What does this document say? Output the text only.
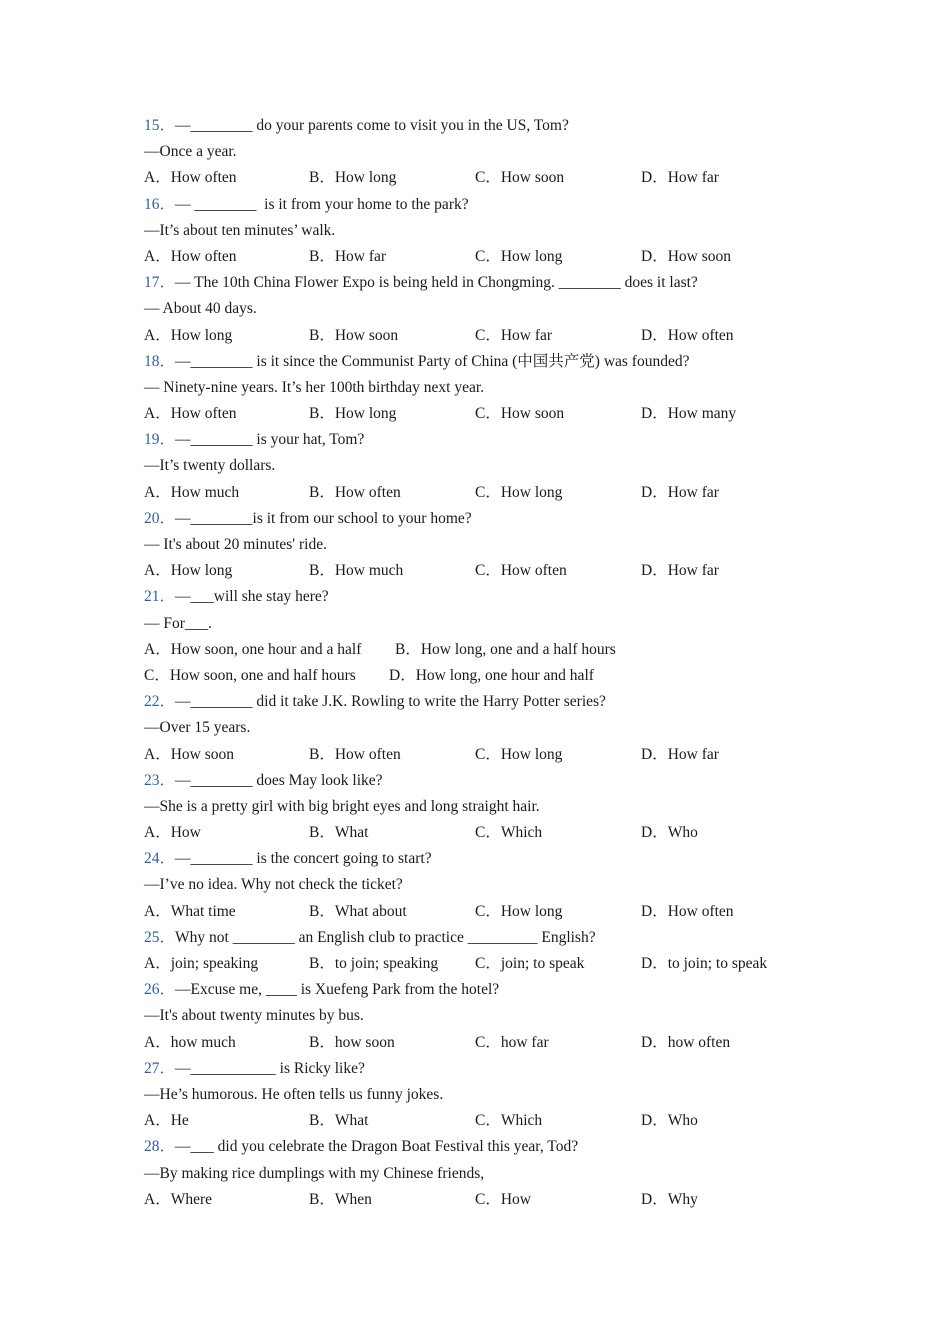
15．—________ do your parents come to visit you in the US, Tom?
—Once a year.

A．How often

	B．How long

	C．How soon

	D．How far

16．— ________  is it from your home to the park?
—It’s about ten minutes’ walk.

A．How often

	B．How far

	C．How long

	D．How soon

17．— The 10th China Flower Expo is being held in Chongming. ________ does it last?
— About 40 days.

A．How long

	B．How soon

	C．How far

	D．How often

18．—________ is it since the Communist Party of China (中国共产党) was founded?
— Ninety-nine years. It’s her 100th birthday next year.

A．How often

	B．How long

	C．How soon

	D．How many

19．—________ is your hat, Tom?
—It’s twenty dollars.

A．How much

	B．How often

	C．How long

	D．How far

20．—________is it from our school to your home?
— It's about 20 minutes' ride.

A．How long

	B．How much

	C．How often

	D．How far

21．—___will she stay here?
— For___.

A．How soon, one hour and a half

B．How long, one and a half hours

C．How soon, one and half hours

D．How long, one hour and half

22．—________ did it take J.K. Rowling to write the Harry Potter series?
—Over 15 years.

A．How soon

	B．How often

	C．How long

	D．How far

23．—________ does May look like?
—She is a pretty girl with big bright eyes and long straight hair.

A．How

	B．What

	C．Which

	D．Who

24．—________ is the concert going to start?
—I’ve no idea. Why not check the ticket?

A．What time

	B．What about

	C．How long

	D．How often

25．Why not ________ an English club to practice _________ English?

A．join; speaking

	B．to join; speaking

C．join; to speak

	D．to join; to speak

26．—Excuse me, ____ is Xuefeng Park from the hotel?
—It's about twenty minutes by bus.

A．how much

	B．how soon

	C．how far

	D．how often

27．—___________ is Ricky like?
—He’s humorous. He often tells us funny jokes.

A．He

	B．What

	C．Which

	D．Who

28．—___ did you celebrate the Dragon Boat Festival this year, Tod?
—By making rice dumplings with my Chinese friends,

A．Where

	B．When

	C．How

	D．Why
